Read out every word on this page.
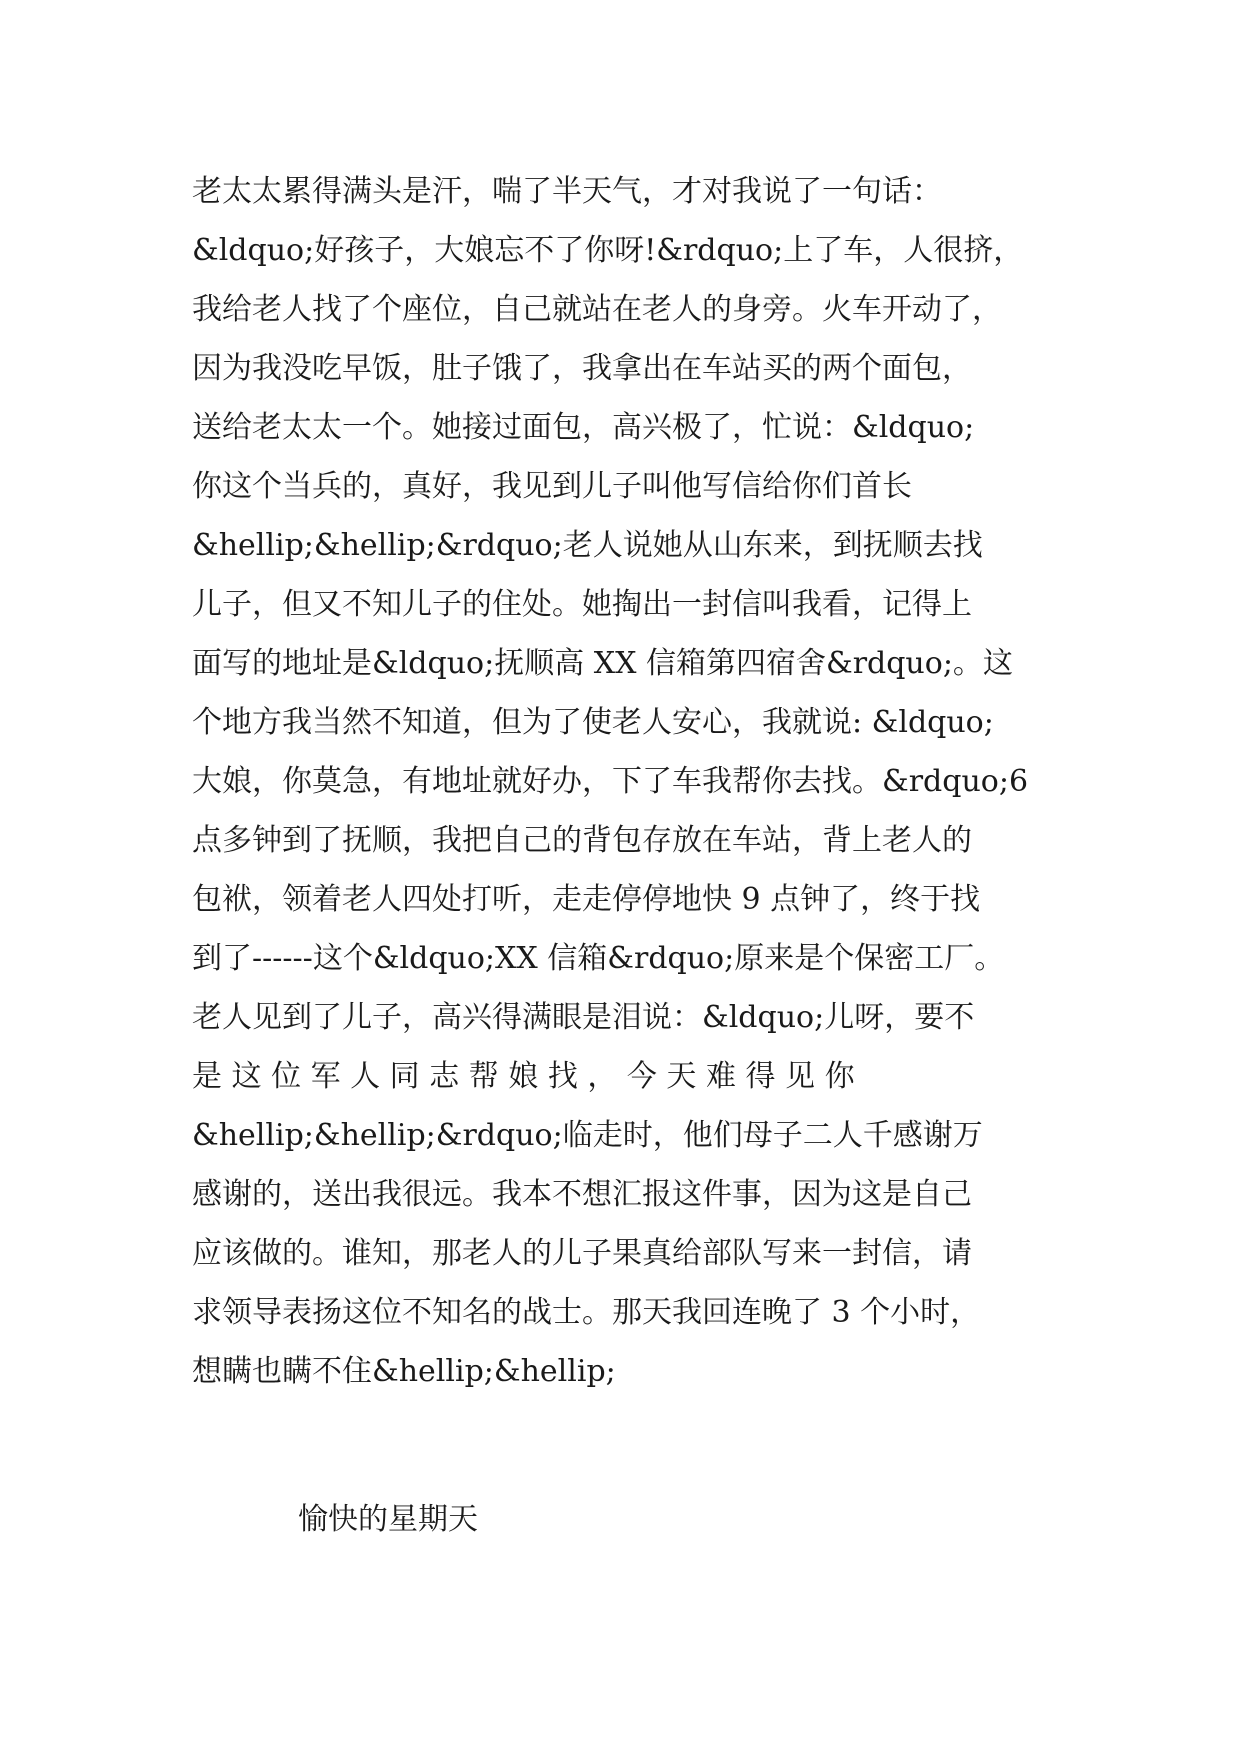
老太太累得满头是汗，喘了半天气，才对我说了一句话：
&ldquo;好孩子，大娘忘不了你呀!&rdquo;上了车，人很挤，
我给老人找了个座位，自己就站在老人的身旁。火车开动了，
因为我没吃早饭，肚子饿了，我拿出在车站买的两个面包，
送给老太太一个。她接过面包，高兴极了，忙说：&ldquo;
你这个当兵的，真好，我见到儿子叫他写信给你们首长
&hellip;&hellip;&rdquo;老人说她从山东来，到抚顺去找
儿子，但又不知儿子的住处。她掏出一封信叫我看，记得上
面写的地址是&ldquo;抚顺高 XX 信箱第四宿舍&rdquo;。这
个地方我当然不知道，但为了使老人安心，我就说: &ldquo;
大娘，你莫急，有地址就好办，下了车我帮你去找。&rdquo;6
点多钟到了抚顺，我把自己的背包存放在车站，背上老人的
包袱，领着老人四处打听，走走停停地快 9 点钟了，终于找
到了------这个&ldquo;XX 信箱&rdquo;原来是个保密工厂。
老人见到了儿子，高兴得满眼是泪说：&ldquo;儿呀，要不
是 这 位 军 人 同 志 帮 娘 找 ， 今 天 难 得 见 你
&hellip;&hellip;&rdquo;临走时，他们母子二人千感谢万
感谢的，送出我很远。我本不想汇报这件事，因为这是自己
应该做的。谁知，那老人的儿子果真给部队写来一封信，请
求领导表扬这位不知名的战士。那天我回连晚了 3 个小时，
想瞒也瞒不住&hellip;&hellip;
愉快的星期天
